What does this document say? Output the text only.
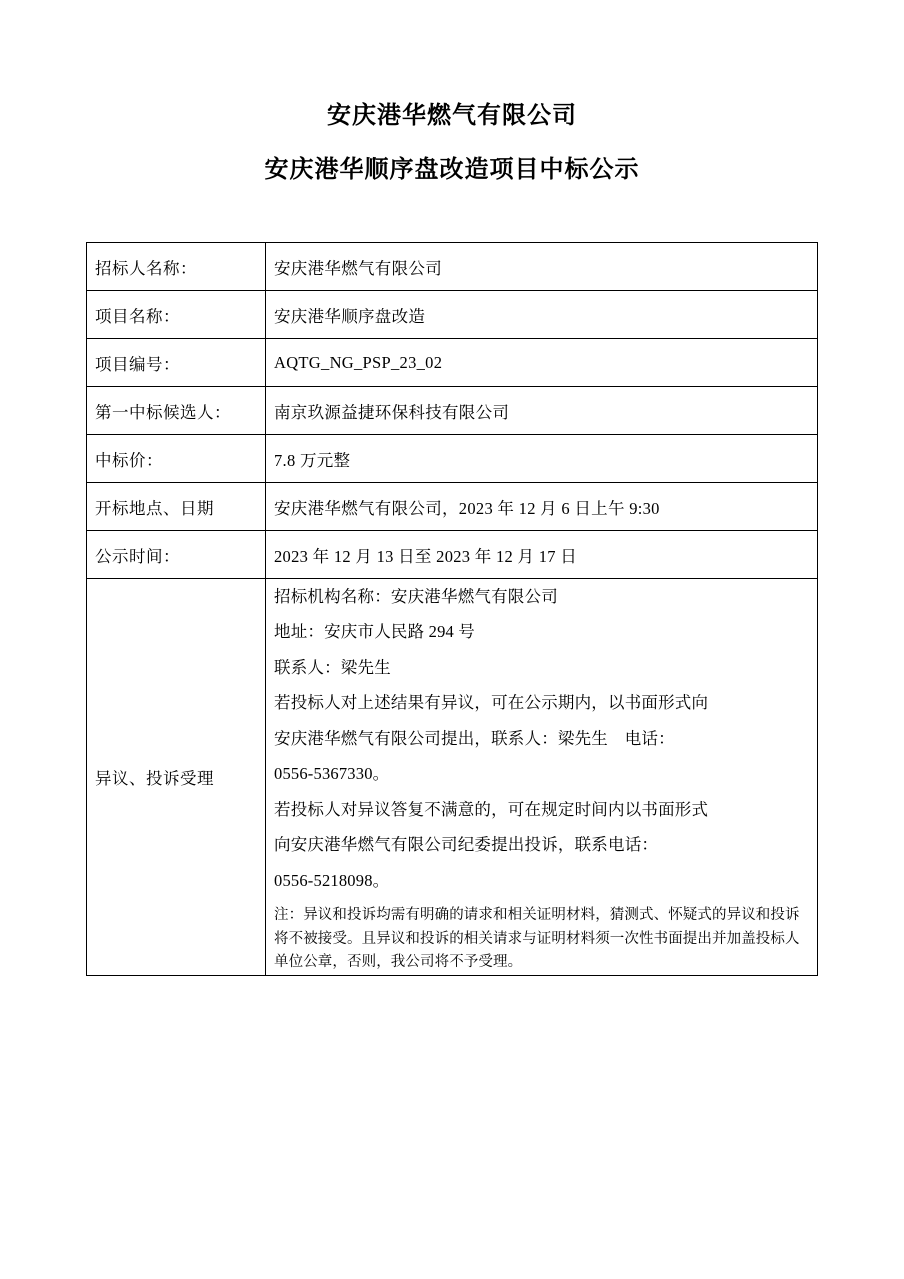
安庆港华燃气有限公司
安庆港华顺序盘改造项目中标公示
招标人名称：	安庆港华燃气有限公司
项目名称：	安庆港华顺序盘改造
项目编号：	AQTG_NG_PSP_23_02
第一中标候选人：	南京玖源益捷环保科技有限公司
中标价：	7.8 万元整
开标地点、日期	安庆港华燃气有限公司，2023 年 12 月 6 日上午 9:30
公示时间：	2023 年 12 月 13 日至 2023 年 12 月 17 日
异议、投诉受理	
招标机构名称：安庆港华燃气有限公司
地址：安庆市人民路 294 号
联系人：梁先生
若投标人对上述结果有异议，可在公示期内，以书面形式向
安庆港华燃气有限公司提出，联系人：梁先生　电话：
0556-5367330。
若投标人对异议答复不满意的，可在规定时间内以书面形式
向安庆港华燃气有限公司纪委提出投诉，联系电话：
0556-5218098。
注：异议和投诉均需有明确的请求和相关证明材料，猜测式、怀疑式的异议和投诉将不被接受。且异议和投诉的相关请求与证明材料须一次性书面提出并加盖投标人单位公章，否则，我公司将不予受理。
